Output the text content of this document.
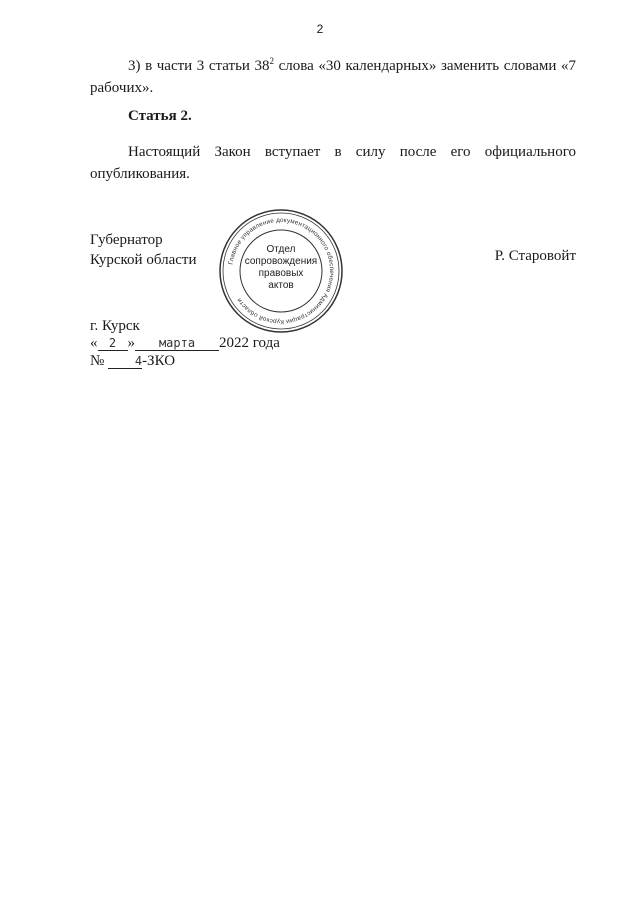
2
3) в части 3 статьи $38^2$ слова «30 календарных» заменить словами «7 рабочих».
Статья 2.
Настоящий Закон вступает в силу после его официального опубликования.
Губернатор
Курской области	Р. Старовойт
Главное управление документационного обеспечения Администрации Курской области
Отдел
сопровождения
правовых
актов
г. Курск
« 2 » марта 2022 года
№	4-ЗКО
